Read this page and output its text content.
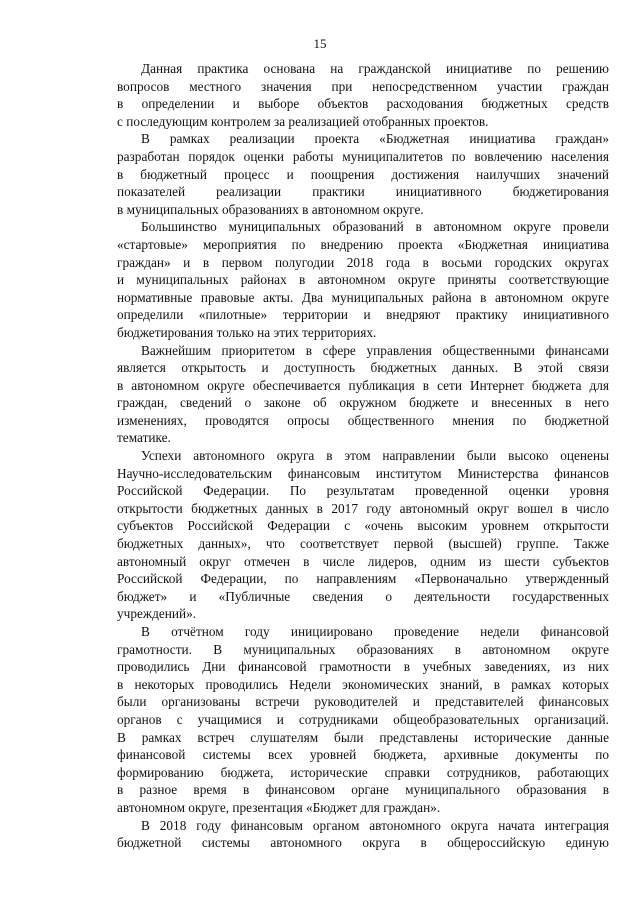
15

Данная практика основана на гражданской инициативе по решению
вопросов местного значения при непосредственном участии граждан
в определении и выборе объектов расходования бюджетных средств
с последующим контролем за реализацией отобранных проектов.

В рамках реализации проекта «Бюджетная инициатива граждан»
разработан порядок оценки работы муниципалитетов по вовлечению населения
в бюджетный процесс и поощрения достижения наилучших значений
показателей реализации практики инициативного бюджетирования
в муниципальных образованиях в автономном округе.

Большинство муниципальных образований в автономном округе провели
«стартовые» мероприятия по внедрению проекта «Бюджетная инициатива
граждан» и в первом полугодии 2018 года в восьми городских округах
и муниципальных районах в автономном округе приняты соответствующие
нормативные правовые акты. Два муниципальных района в автономном округе
определили «пилотные» территории и внедряют практику инициативного
бюджетирования только на этих территориях.

Важнейшим приоритетом в сфере управления общественными финансами
является открытость и доступность бюджетных данных. В этой связи
в автономном округе обеспечивается публикация в сети Интернет бюджета для
граждан, сведений о законе об окружном бюджете и внесенных в него
изменениях, проводятся опросы общественного мнения по бюджетной
тематике.

Успехи автономного округа в этом направлении были высоко оценены
Научно-исследовательским финансовым институтом Министерства финансов
Российской Федерации. По результатам проведенной оценки уровня
открытости бюджетных данных в 2017 году автономный округ вошел в число
субъектов Российской Федерации с «очень высоким уровнем открытости
бюджетных данных», что соответствует первой (высшей) группе. Также
автономный округ отмечен в числе лидеров, одним из шести субъектов
Российской Федерации, по направлениям «Первоначально утвержденный
бюджет» и «Публичные сведения о деятельности государственных
учреждений».

В отчётном году инициировано проведение недели финансовой
грамотности. В муниципальных образованиях в автономном округе
проводились Дни финансовой грамотности в учебных заведениях, из них
в некоторых проводились Недели экономических знаний, в рамках которых
были организованы встречи руководителей и представителей финансовых
органов с учащимися и сотрудниками общеобразовательных организаций.
В рамках встреч слушателям были представлены исторические данные
финансовой системы всех уровней бюджета, архивные документы по
формированию бюджета, исторические справки сотрудников, работающих
в разное время в финансовом органе муниципального образования в
автономном округе, презентация «Бюджет для граждан».

В 2018 году финансовым органом автономного округа начата интеграция
бюджетной системы автономного округа в общероссийскую единую
